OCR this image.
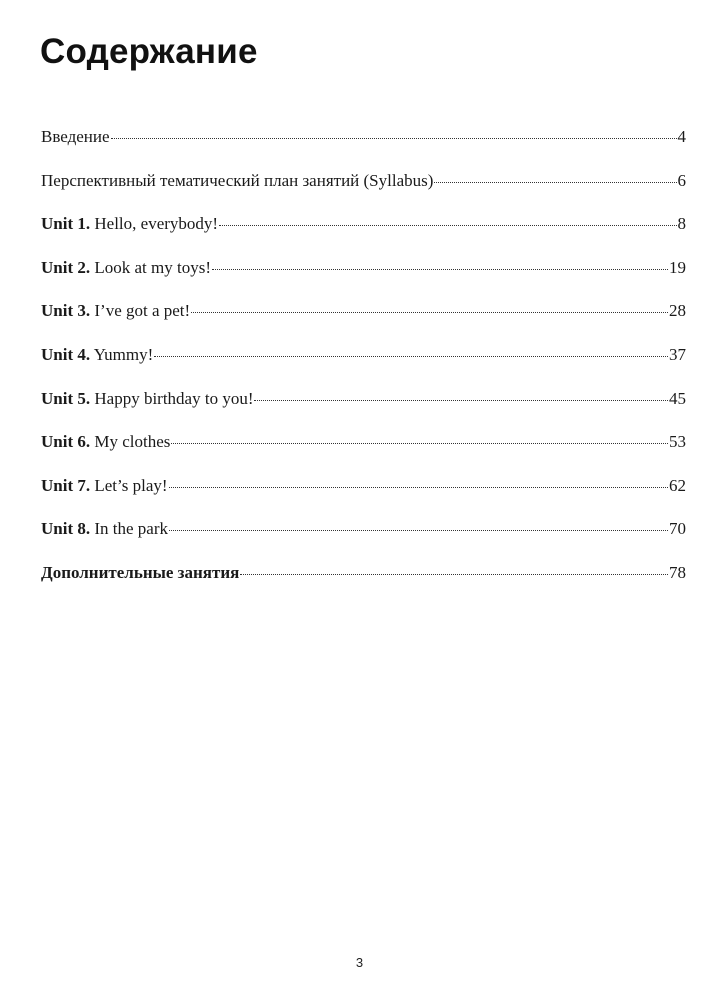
Содержание
Введение	4
Перспективный тематический план занятий (Syllabus)	6
Unit 1. Hello, everybody!	8
Unit 2. Look at my toys!	19
Unit 3. I’ve got a pet!	28
Unit 4. Yummy!	37
Unit 5. Happy birthday to you!	45
Unit 6. My clothes	53
Unit 7. Let’s play!	62
Unit 8. In the park	70
Дополнительные занятия	78
3
